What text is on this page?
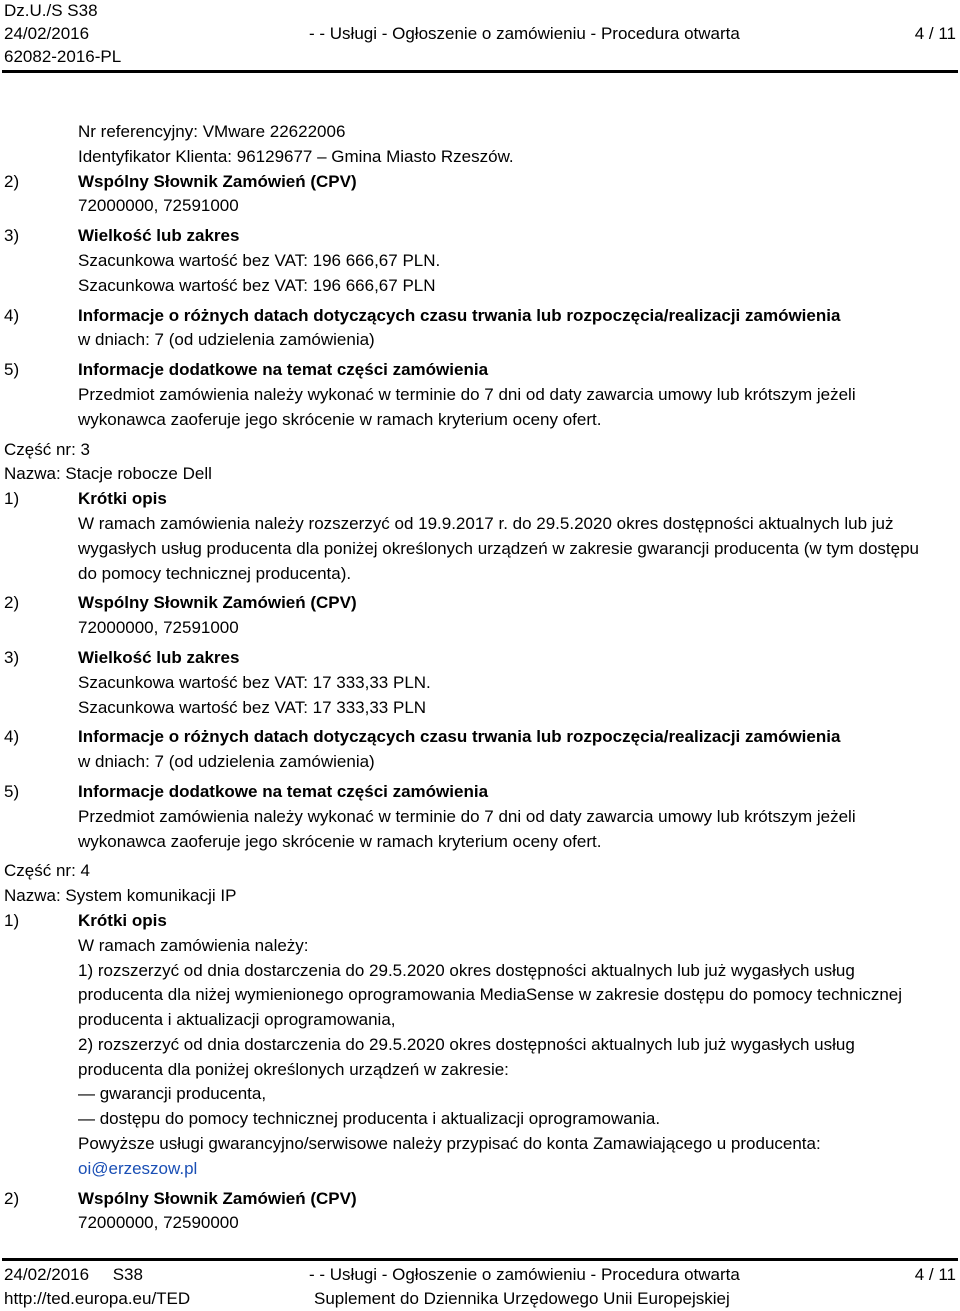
Dz.U./S S38
24/02/2016
62082-2016-PL
- - Usługi - Ogłoszenie o zamówieniu - Procedura otwarta	4 / 11
Nr referencyjny: VMware 22622006
Identyfikator Klienta: 96129677 – Gmina Miasto Rzeszów.
2)	Wspólny Słownik Zamówień (CPV)
72000000, 72591000
3)	Wielkość lub zakres
Szacunkowa wartość bez VAT: 196 666,67 PLN.
Szacunkowa wartość bez VAT: 196 666,67 PLN
4)	Informacje o różnych datach dotyczących czasu trwania lub rozpoczęcia/realizacji zamówienia
w dniach: 7 (od udzielenia zamówienia)
5)	Informacje dodatkowe na temat części zamówienia
Przedmiot zamówienia należy wykonać w terminie do 7 dni od daty zawarcia umowy lub krótszym jeżeli
wykonawca zaoferuje jego skrócenie w ramach kryterium oceny ofert.
Część nr: 3
Nazwa: Stacje robocze Dell
1)	Krótki opis
W ramach zamówienia należy rozszerzyć od 19.9.2017 r. do 29.5.2020 okres dostępności aktualnych lub już
wygasłych usług producenta dla poniżej określonych urządzeń w zakresie gwarancji producenta (w tym dostępu
do pomocy technicznej producenta).
2)	Wspólny Słownik Zamówień (CPV)
72000000, 72591000
3)	Wielkość lub zakres
Szacunkowa wartość bez VAT: 17 333,33 PLN.
Szacunkowa wartość bez VAT: 17 333,33 PLN
4)	Informacje o różnych datach dotyczących czasu trwania lub rozpoczęcia/realizacji zamówienia
w dniach: 7 (od udzielenia zamówienia)
5)	Informacje dodatkowe na temat części zamówienia
Przedmiot zamówienia należy wykonać w terminie do 7 dni od daty zawarcia umowy lub krótszym jeżeli
wykonawca zaoferuje jego skrócenie w ramach kryterium oceny ofert.
Część nr: 4
Nazwa: System komunikacji IP
1)	Krótki opis
W ramach zamówienia należy:
1) rozszerzyć od dnia dostarczenia do 29.5.2020 okres dostępności aktualnych lub już wygasłych usług
producenta dla niżej wymienionego oprogramowania MediaSense w zakresie dostępu do pomocy technicznej
producenta i aktualizacji oprogramowania,
2) rozszerzyć od dnia dostarczenia do 29.5.2020 okres dostępności aktualnych lub już wygasłych usług
producenta dla poniżej określonych urządzeń w zakresie:
— gwarancji producenta,
— dostępu do pomocy technicznej producenta i aktualizacji oprogramowania.
Powyższe usługi gwarancyjno/serwisowe należy przypisać do konta Zamawiającego u producenta:
oi@erzeszow.pl
2)	Wspólny Słownik Zamówień (CPV)
72000000, 72590000
24/02/2016     S38
http://ted.europa.eu/TED
- - Usługi - Ogłoszenie o zamówieniu - Procedura otwarta
Suplement do Dziennika Urzędowego Unii Europejskiej
4 / 11
